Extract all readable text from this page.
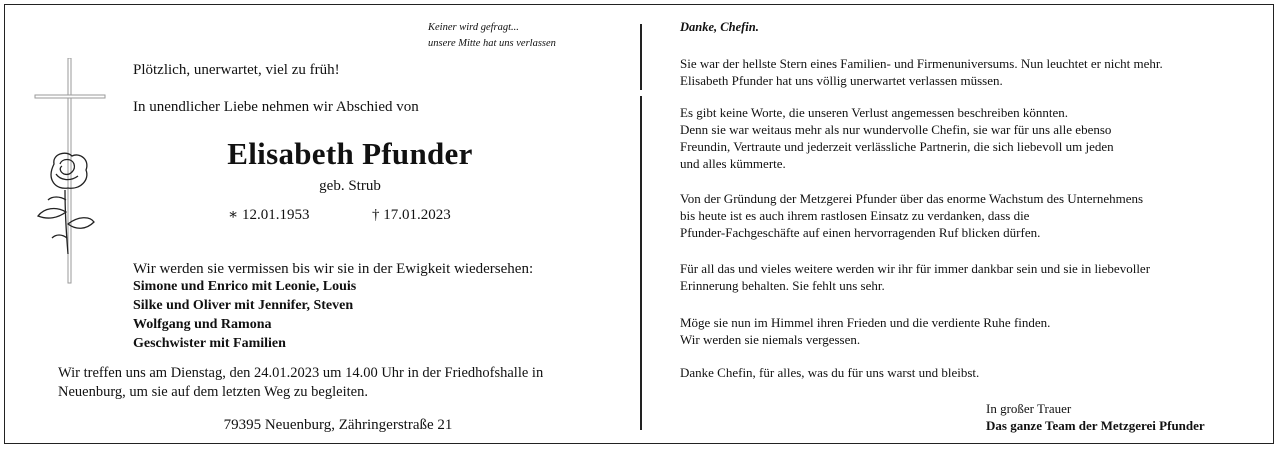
Keiner wird gefragt...
unsere Mitte hat uns verlassen
Plötzlich, unerwartet, viel zu früh!
In unendlicher Liebe nehmen wir Abschied von
Elisabeth Pfunder
geb. Strub
∗ 12.01.1953	† 17.01.2023
Wir werden sie vermissen bis wir sie in der Ewigkeit wiedersehen:
Simone und Enrico mit Leonie, Louis
Silke und Oliver mit Jennifer, Steven
Wolfgang und Ramona
Geschwister mit Familien
Wir treffen uns am Dienstag, den 24.01.2023 um 14.00 Uhr in der Friedhofshalle in
Neuenburg, um sie auf dem letzten Weg zu begleiten.
79395 Neuenburg, Zähringerstraße 21
Danke, Chefin.
Sie war der hellste Stern eines Familien- und Firmenuniversums. Nun leuchtet er nicht mehr.
Elisabeth Pfunder hat uns völlig unerwartet verlassen müssen.
Es gibt keine Worte, die unseren Verlust angemessen beschreiben könnten.
Denn sie war weitaus mehr als nur wundervolle Chefin, sie war für uns alle ebenso
Freundin, Vertraute und jederzeit verlässliche Partnerin, die sich liebevoll um jeden
und alles kümmerte.
Von der Gründung der Metzgerei Pfunder über das enorme Wachstum des Unternehmens
bis heute ist es auch ihrem rastlosen Einsatz zu verdanken, dass die
Pfunder-Fachgeschäfte auf einen hervorragenden Ruf blicken dürfen.
Für all das und vieles weitere werden wir ihr für immer dankbar sein und sie in liebevoller
Erinnerung behalten. Sie fehlt uns sehr.
Möge sie nun im Himmel ihren Frieden und die verdiente Ruhe finden.
Wir werden sie niemals vergessen.
Danke Chefin, für alles, was du für uns warst und bleibst.
In großer Trauer
Das ganze Team der Metzgerei Pfunder
